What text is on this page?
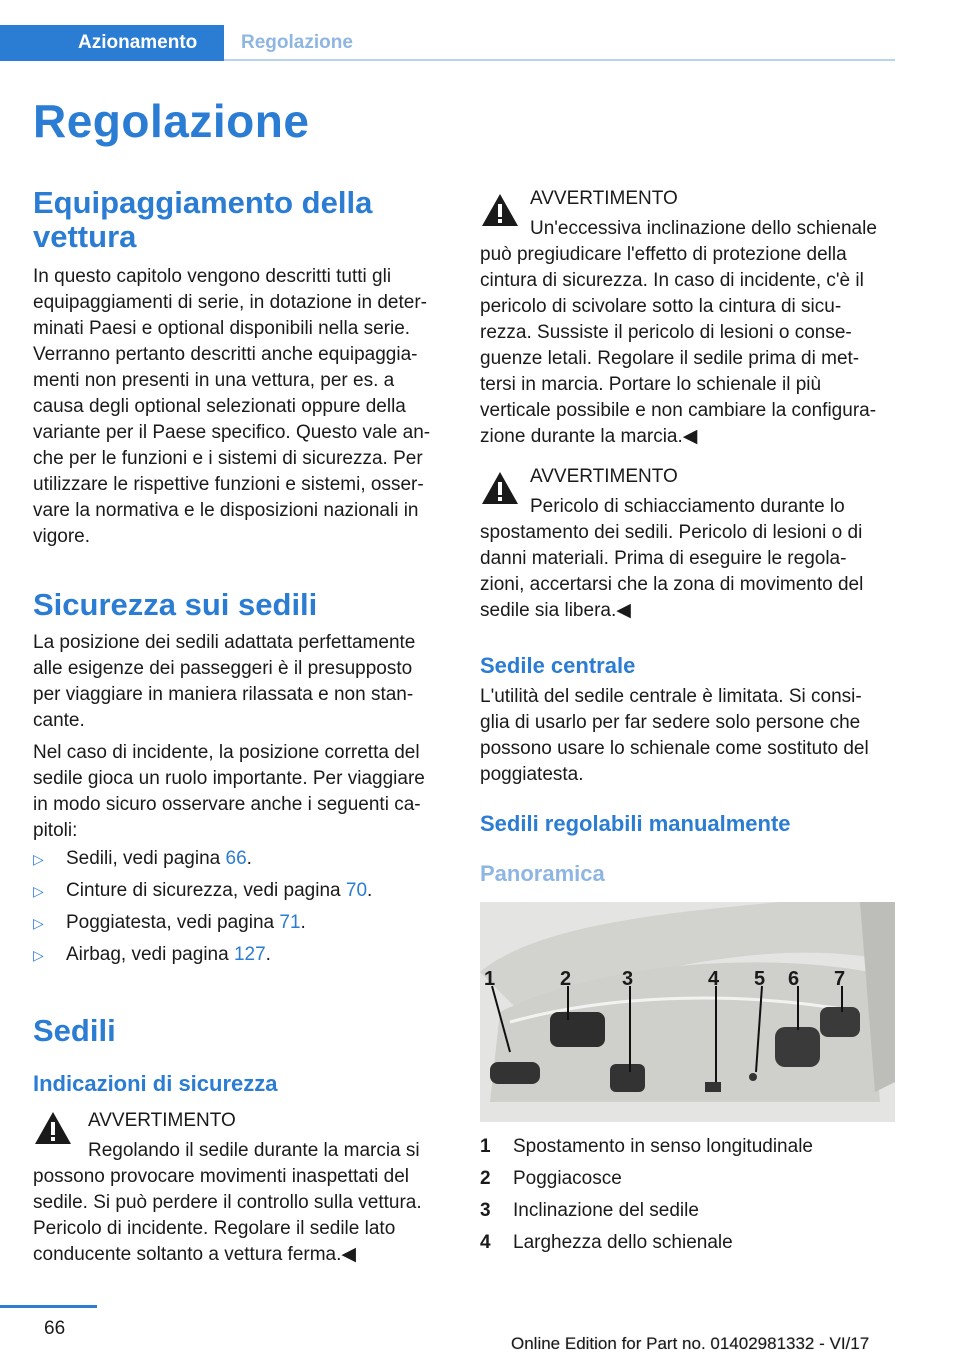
Azionamento	Regolazione
Regolazione
Equipaggiamento della vettura
In questo capitolo vengono descritti tutti gli
equipaggiamenti di serie, in dotazione in deter‐
minati Paesi e optional disponibili nella serie.
Verranno pertanto descritti anche equipaggia‐
menti non presenti in una vettura, per es. a
causa degli optional selezionati oppure della
variante per il Paese specifico. Questo vale an‐
che per le funzioni e i sistemi di sicurezza. Per
utilizzare le rispettive funzioni e sistemi, osser‐
vare la normativa e le disposizioni nazionali in
vigore.
Sicurezza sui sedili
La posizione dei sedili adattata perfettamente
alle esigenze dei passeggeri è il presupposto
per viaggiare in maniera rilassata e non stan‐
cante.
Nel caso di incidente, la posizione corretta del
sedile gioca un ruolo importante. Per viaggiare
in modo sicuro osservare anche i seguenti ca‐
pitoli:
▷ Sedili, vedi pagina 66.
▷ Cinture di sicurezza, vedi pagina 70.
▷ Poggiatesta, vedi pagina 71.
▷ Airbag, vedi pagina 127.
Sedili
Indicazioni di sicurezza
AVVERTIMENTO
Regolando il sedile durante la marcia si
possono provocare movimenti inaspettati del
sedile. Si può perdere il controllo sulla vettura.
Pericolo di incidente. Regolare il sedile lato
conducente soltanto a vettura ferma.◀
AVVERTIMENTO
Un'eccessiva inclinazione dello schienale
può pregiudicare l'effetto di protezione della
cintura di sicurezza. In caso di incidente, c'è il
pericolo di scivolare sotto la cintura di sicu‐
rezza. Sussiste il pericolo di lesioni o conse‐
guenze letali. Regolare il sedile prima di met‐
tersi in marcia. Portare lo schienale il più
verticale possibile e non cambiare la configura‐
zione durante la marcia.◀
AVVERTIMENTO
Pericolo di schiacciamento durante lo
spostamento dei sedili. Pericolo di lesioni o di
danni materiali. Prima di eseguire le regola‐
zioni, accertarsi che la zona di movimento del
sedile sia libera.◀
Sedile centrale
L'utilità del sedile centrale è limitata. Si consi‐
glia di usarlo per far sedere solo persone che
possono usare lo schienale come sostituto del
poggiatesta.
Sedili regolabili manualmente
Panoramica
1	2	3	4 5 6 7
1 Spostamento in senso longitudinale
2 Poggiacosce
3 Inclinazione del sedile
4 Larghezza dello schienale
66
Online Edition for Part no. 01402981332 - VI/17
